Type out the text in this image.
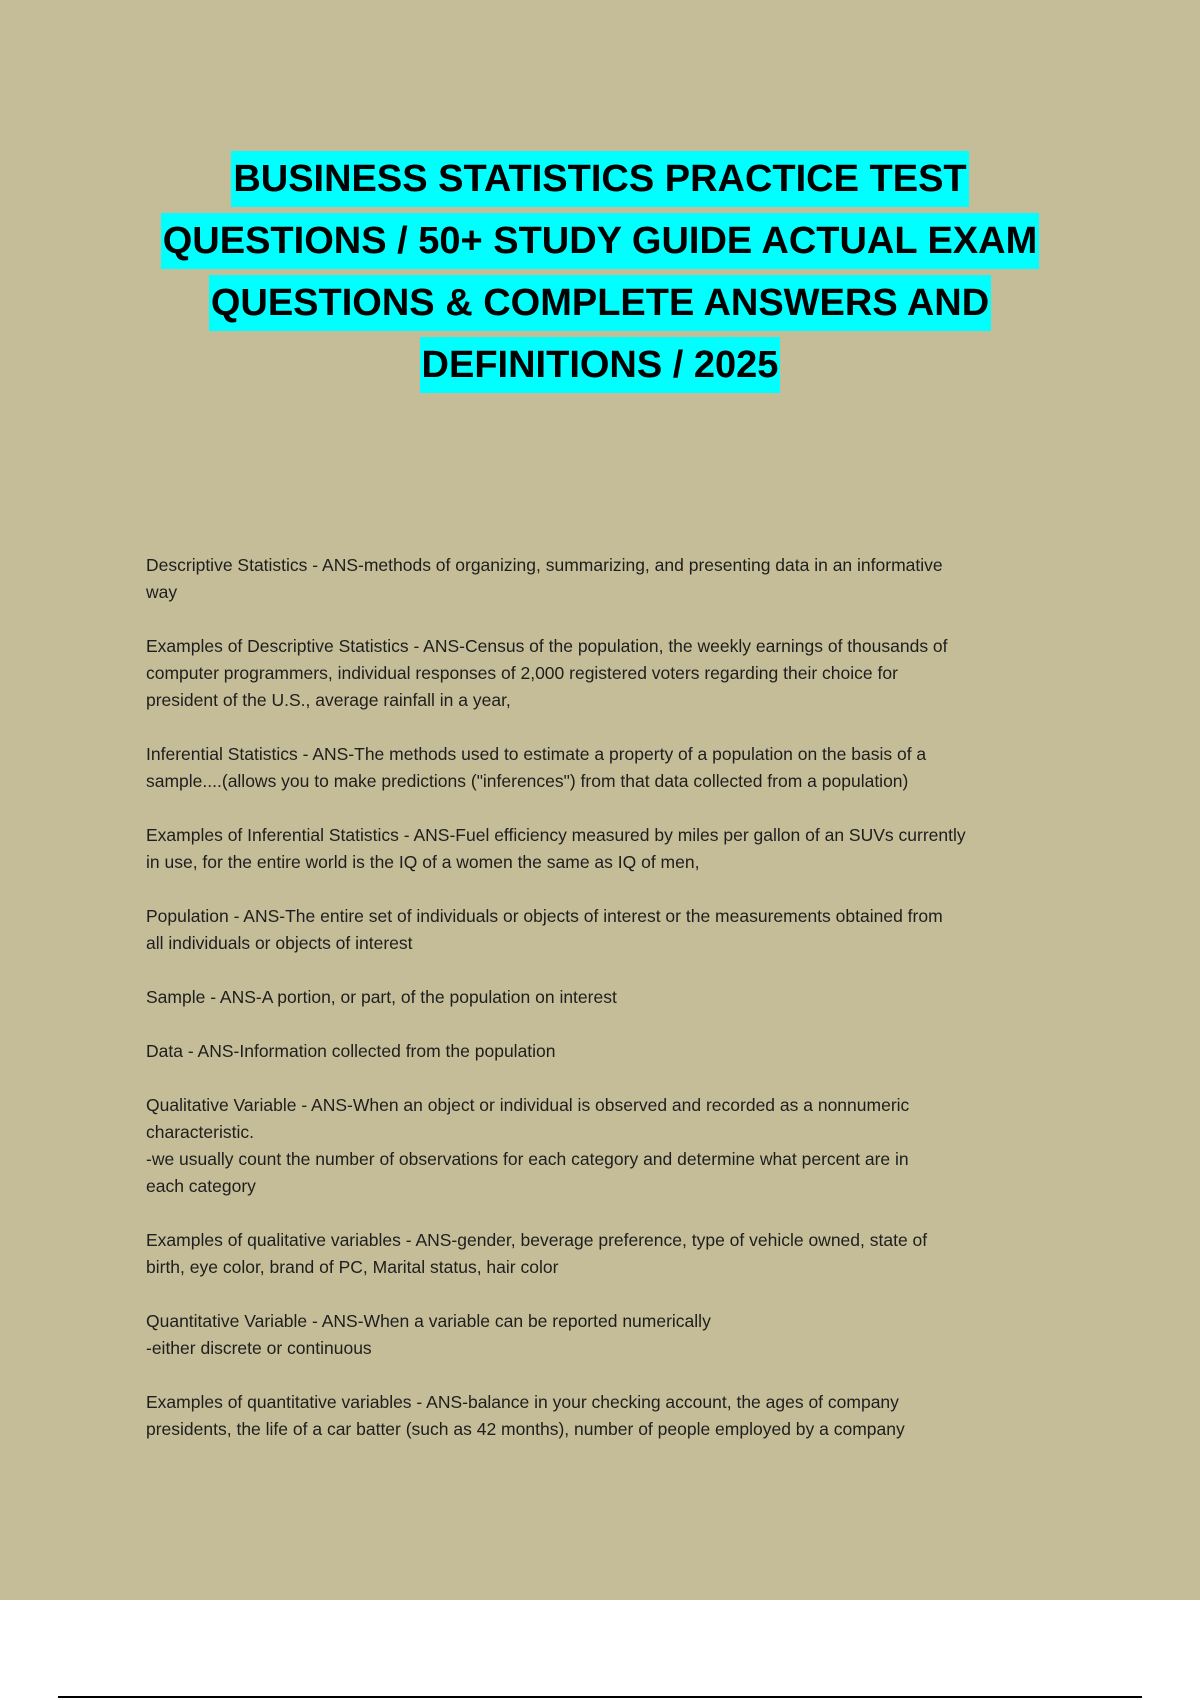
BUSINESS STATISTICS PRACTICE TEST
QUESTIONS / 50+ STUDY GUIDE ACTUAL EXAM
QUESTIONS & COMPLETE ANSWERS AND
DEFINITIONS / 2025
Descriptive Statistics - ANS-methods of organizing, summarizing, and presenting data in an informative
way
Examples of Descriptive Statistics - ANS-Census of the population, the weekly earnings of thousands of
computer programmers, individual responses of 2,000 registered voters regarding their choice for
president of the U.S., average rainfall in a year,
Inferential Statistics - ANS-The methods used to estimate a property of a population on the basis of a
sample....(allows you to make predictions ("inferences") from that data collected from a population)
Examples of Inferential Statistics - ANS-Fuel efficiency measured by miles per gallon of an SUVs currently
in use, for the entire world is the IQ of a women the same as IQ of men,
Population - ANS-The entire set of individuals or objects of interest or the measurements obtained from
all individuals or objects of interest
Sample - ANS-A portion, or part, of the population on interest
Data - ANS-Information collected from the population
Qualitative Variable - ANS-When an object or individual is observed and recorded as a nonnumeric
characteristic.
-we usually count the number of observations for each category and determine what percent are in
each category
Examples of qualitative variables - ANS-gender, beverage preference, type of vehicle owned, state of
birth, eye color, brand of PC, Marital status, hair color
Quantitative Variable - ANS-When a variable can be reported numerically
-either discrete or continuous
Examples of quantitative variables - ANS-balance in your checking account, the ages of company
presidents, the life of a car batter (such as 42 months), number of people employed by a company
